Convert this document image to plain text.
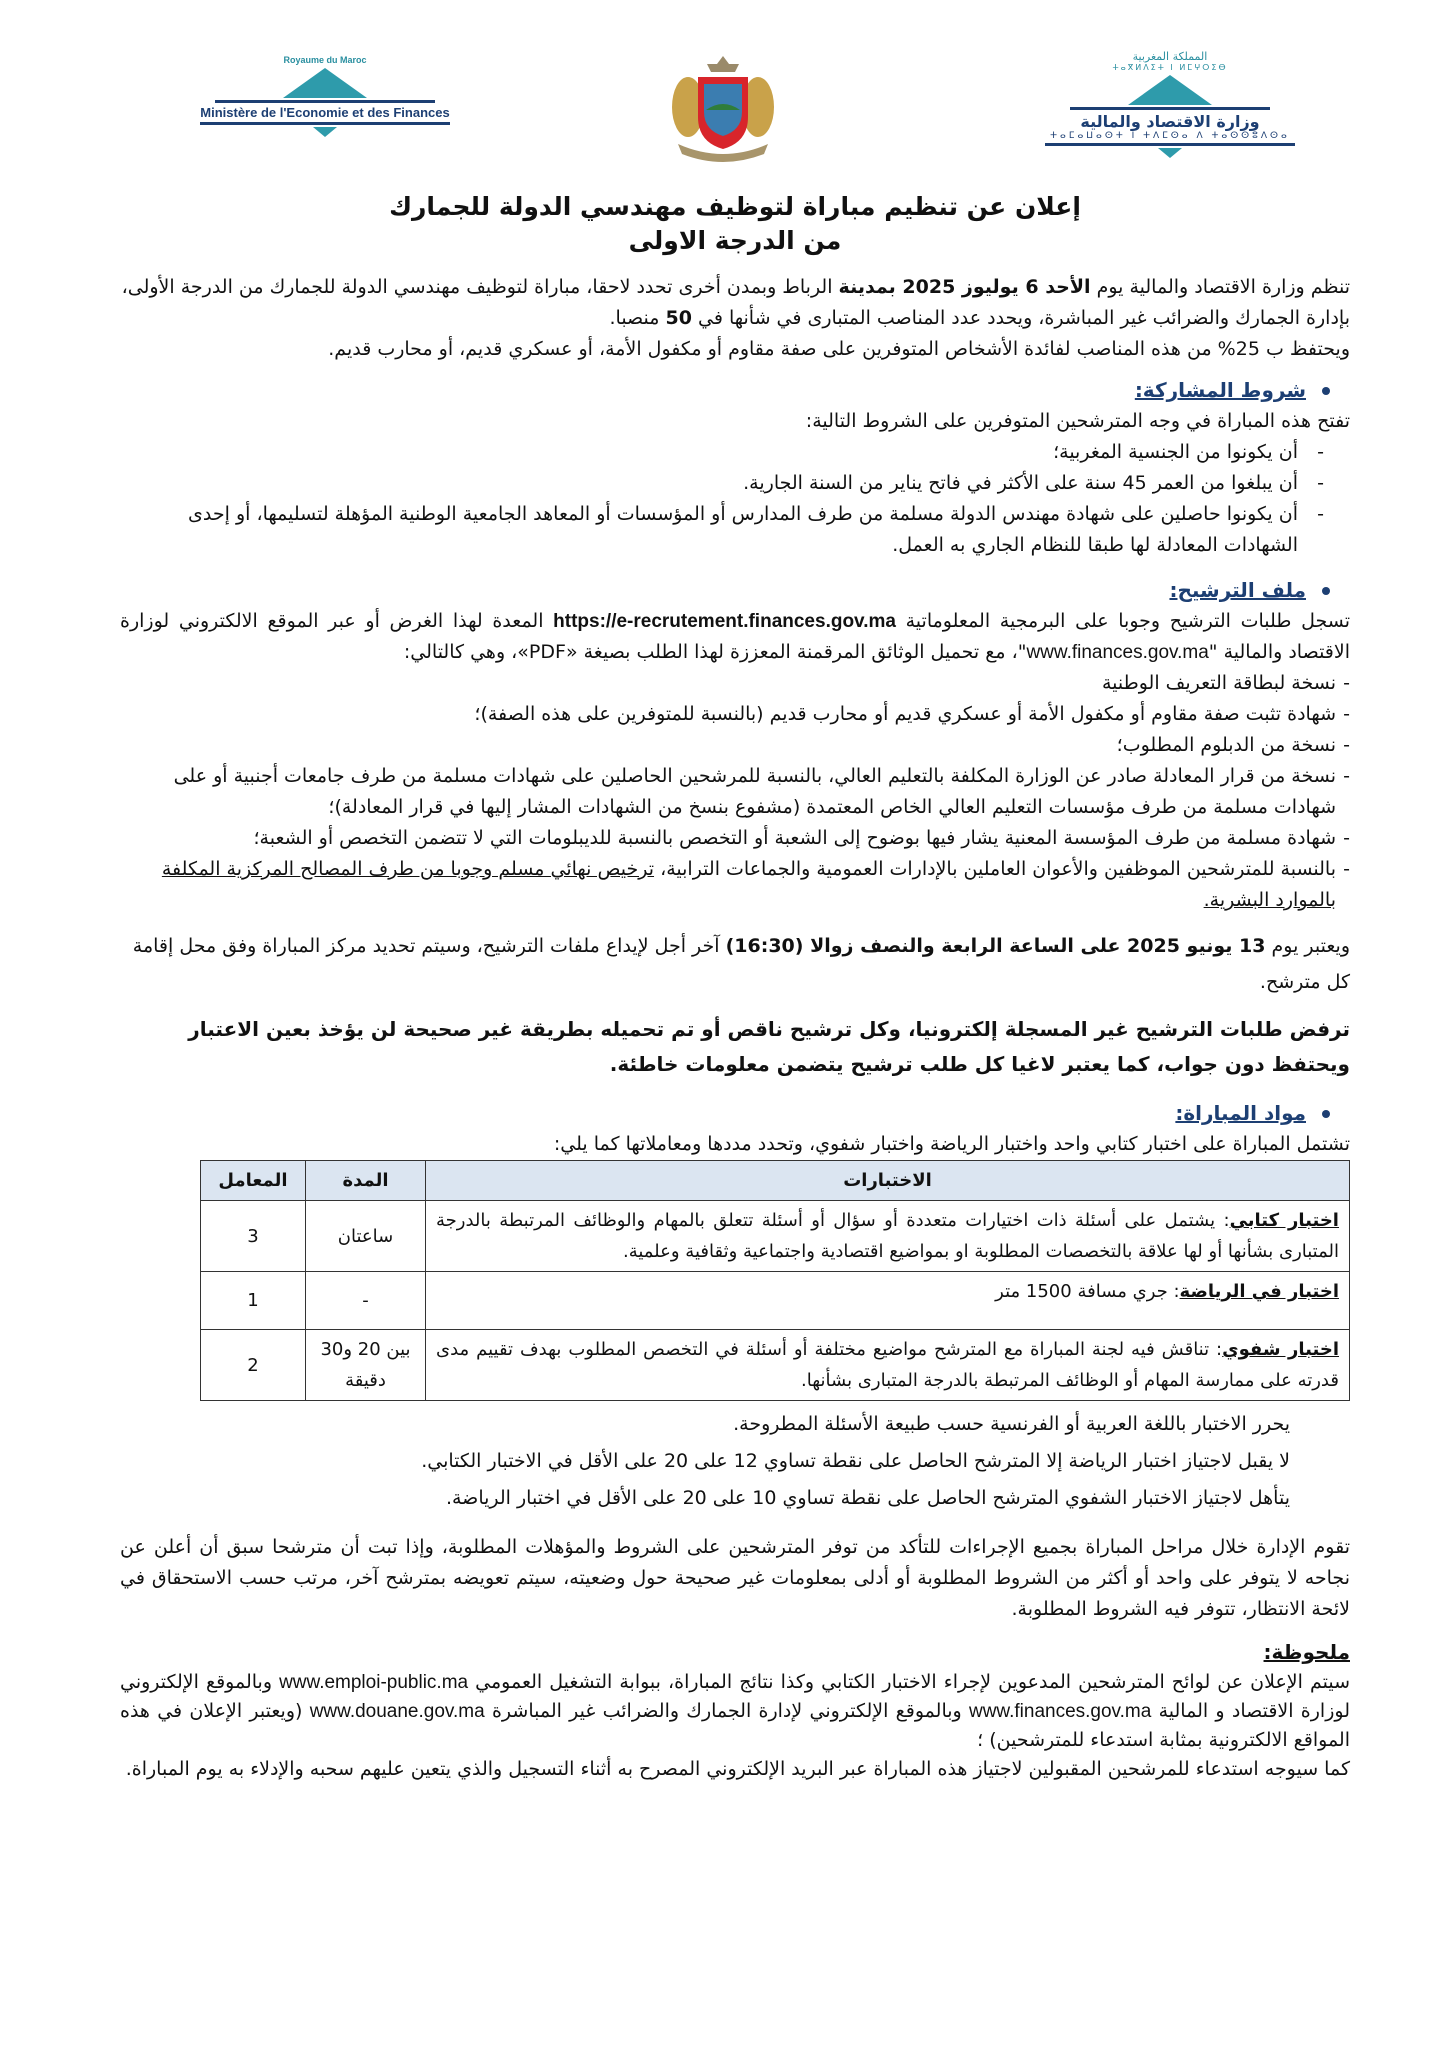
Royaume du Maroc
Ministère de l'Economie et des Finances
المملكة المغربية
ⵜⴰⴳⵍⴷⵉⵜ ⵏ ⵍⵎⵖⵔⵉⴱ
وزارة الاقتصاد والمالية
ⵜⴰⵎⴰⵡⴰⵙⵜ ⵏ ⵜⴷⵎⵙⴰ ⴷ ⵜⴰⵙⵙⵓⴷⵙⴰ
إعلان عن تنظيم مباراة لتوظيف مهندسي الدولة للجمارك
من الدرجة الاولى

تنظم وزارة الاقتصاد والمالية يوم الأحد 6 يوليوز 2025 بمدينة الرباط وبمدن أخرى تحدد لاحقا، مباراة لتوظيف مهندسي الدولة للجمارك من الدرجة الأولى، بإدارة الجمارك والضرائب غير المباشرة، ويحدد عدد المناصب المتبارى في شأنها في 50 منصبا.

ويحتفظ ب 25% من هذه المناصب لفائدة الأشخاص المتوفرين على صفة مقاوم أو مكفول الأمة، أو عسكري قديم، أو محارب قديم.

شروط المشاركة:

تفتح هذه المباراة في وجه المترشحين المتوفرين على الشروط التالية:

- أن يكونوا من الجنسية المغربية؛
- أن يبلغوا من العمر 45 سنة على الأكثر في فاتح يناير من السنة الجارية.
- أن يكونوا حاصلين على شهادة مهندس الدولة مسلمة من طرف المدارس أو المؤسسات أو المعاهد الجامعية الوطنية المؤهلة لتسليمها، أو إحدى الشهادات المعادلة لها طبقا للنظام الجاري به العمل.
ملف الترشيح:

تسجل طلبات الترشيح وجوبا على البرمجية المعلوماتية https://e-recrutement.finances.gov.ma المعدة لهذا الغرض أو عبر الموقع الالكتروني لوزارة الاقتصاد والمالية "www.finances.gov.ma"، مع تحميل الوثائق المرقمنة المعززة لهذا الطلب بصيغة «PDF»، وهي كالتالي:

- نسخة لبطاقة التعريف الوطنية
- شهادة تثبت صفة مقاوم أو مكفول الأمة أو عسكري قديم أو محارب قديم (بالنسبة للمتوفرين على هذه الصفة)؛
- نسخة من الدبلوم المطلوب؛
- نسخة من قرار المعادلة صادر عن الوزارة المكلفة بالتعليم العالي، بالنسبة للمرشحين الحاصلين على شهادات مسلمة من طرف جامعات أجنبية أو على شهادات مسلمة من طرف مؤسسات التعليم العالي الخاص المعتمدة (مشفوع بنسخ من الشهادات المشار إليها في قرار المعادلة)؛
- شهادة مسلمة من طرف المؤسسة المعنية يشار فيها بوضوح إلى الشعبة أو التخصص بالنسبة للديبلومات التي لا تتضمن التخصص أو الشعبة؛
- بالنسبة للمترشحين الموظفين والأعوان العاملين بالإدارات العمومية والجماعات الترابية، ترخيص نهائي مسلم وجوبا من طرف المصالح المركزية المكلفة بالموارد البشرية.

ويعتبر يوم 13 يونيو 2025 على الساعة الرابعة والنصف زوالا (16:30) آخر أجل لإيداع ملفات الترشيح، وسيتم تحديد مركز المباراة وفق محل إقامة كل مترشح.

ترفض طلبات الترشيح غير المسجلة إلكترونيا، وكل ترشيح ناقص أو تم تحميله بطريقة غير صحيحة لن يؤخذ بعين الاعتبار ويحتفظ دون جواب، كما يعتبر لاغيا كل طلب ترشيح يتضمن معلومات خاطئة.

مواد المباراة:

تشتمل المباراة على اختبار كتابي واحد واختبار الرياضة واختبار شفوي، وتحدد مددها ومعاملاتها كما يلي:

الاختبارات	المدة	المعامل
اختبار كتابي: يشتمل على أسئلة ذات اختيارات متعددة أو سؤال أو أسئلة تتعلق بالمهام والوظائف المرتبطة بالدرجة المتبارى بشأنها أو لها علاقة بالتخصصات المطلوبة او بمواضيع اقتصادية واجتماعية وثقافية وعلمية.	ساعتان	3
اختبار في الرياضة: جري مسافة 1500 متر	-	1
اختبار شفوي: تناقش فيه لجنة المباراة مع المترشح مواضيع مختلفة أو أسئلة في التخصص المطلوب بهدف تقييم مدى قدرته على ممارسة المهام أو الوظائف المرتبطة بالدرجة المتبارى بشأنها.	بين 20 و30 دقيقة	2

يحرر الاختبار باللغة العربية أو الفرنسية حسب طبيعة الأسئلة المطروحة.

لا يقبل لاجتياز اختبار الرياضة إلا المترشح الحاصل على نقطة تساوي 12 على 20 على الأقل في الاختبار الكتابي.

يتأهل لاجتياز الاختبار الشفوي المترشح الحاصل على نقطة تساوي 10 على 20 على الأقل في اختبار الرياضة.

تقوم الإدارة خلال مراحل المباراة بجميع الإجراءات للتأكد من توفر المترشحين على الشروط والمؤهلات المطلوبة، وإذا تبت أن مترشحا سبق أن أعلن عن نجاحه لا يتوفر على واحد أو أكثر من الشروط المطلوبة أو أدلى بمعلومات غير صحيحة حول وضعيته، سيتم تعويضه بمترشح آخر، مرتب حسب الاستحقاق في لائحة الانتظار، تتوفر فيه الشروط المطلوبة.

ملحوظة:

سيتم الإعلان عن لوائح المترشحين المدعوين لإجراء الاختبار الكتابي وكذا نتائج المباراة، ببوابة التشغيل العمومي www.emploi-public.ma وبالموقع الإلكتروني لوزارة الاقتصاد و المالية www.finances.gov.ma وبالموقع الإلكتروني لإدارة الجمارك والضرائب غير المباشرة www.douane.gov.ma (ويعتبر الإعلان في هذه المواقع الالكترونية بمثابة استدعاء للمترشحين) ؛

كما سيوجه استدعاء للمرشحين المقبولين لاجتياز هذه المباراة عبر البريد الإلكتروني المصرح به أثناء التسجيل والذي يتعين عليهم سحبه والإدلاء به يوم المباراة.
